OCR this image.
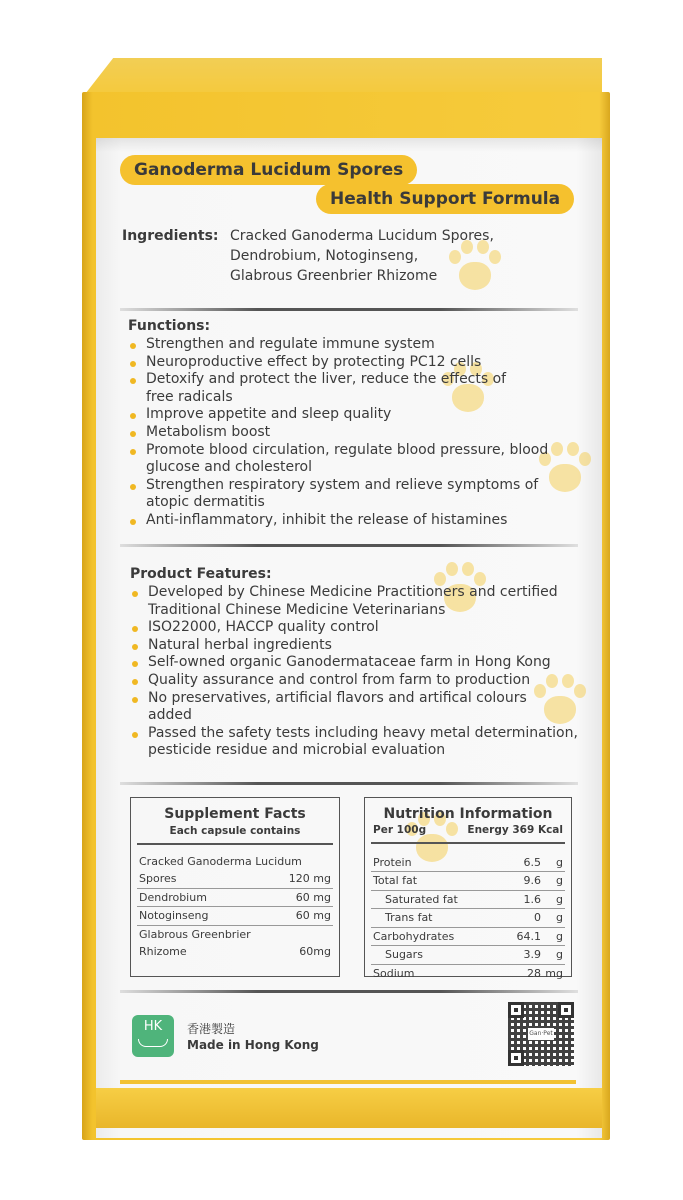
Ganoderma Lucidum Spores
Health Support Formula
Ingredients: Cracked Ganoderma Lucidum Spores,
Dendrobium, Notoginseng,
Glabrous Greenbrier Rhizome
Functions:
Strengthen and regulate immune system
Neuroproductive effect by protecting PC12 cells
Detoxify and protect the liver, reduce the effects of free radicals
Improve appetite and sleep quality
Metabolism boost
Promote blood circulation, regulate blood pressure, blood glucose and cholesterol
Strengthen respiratory system and relieve symptoms of atopic dermatitis
Anti-inflammatory, inhibit the release of histamines
Product Features:
Developed by Chinese Medicine Practitioners and certified Traditional Chinese Medicine Veterinarians
ISO22000, HACCP quality control
Natural herbal ingredients
Self-owned organic Ganodermataceae farm in Hong Kong
Quality assurance and control from farm to production
No preservatives, artificial flavors and artifical colours added
Passed the safety tests including heavy metal determination, pesticide residue and microbial evaluation
Supplement Facts
Each capsule contains
Cracked Ganoderma Lucidum
Spores	120 mg
Dendrobium	60 mg
Notoginseng	60 mg
Glabrous Greenbrier
Rhizome	60mg
Nutrition Information
Per 100g	Energy 369 Kcal
Protein	6.5	g
Total fat	9.6	g
Saturated fat	1.6	g
Trans fat	0	g
Carbohydrates	64.1	g
Sugars	3.9	g
Sodium	28 mg
HK	香港製造
Made in Hong Kong
Gan·Pet
